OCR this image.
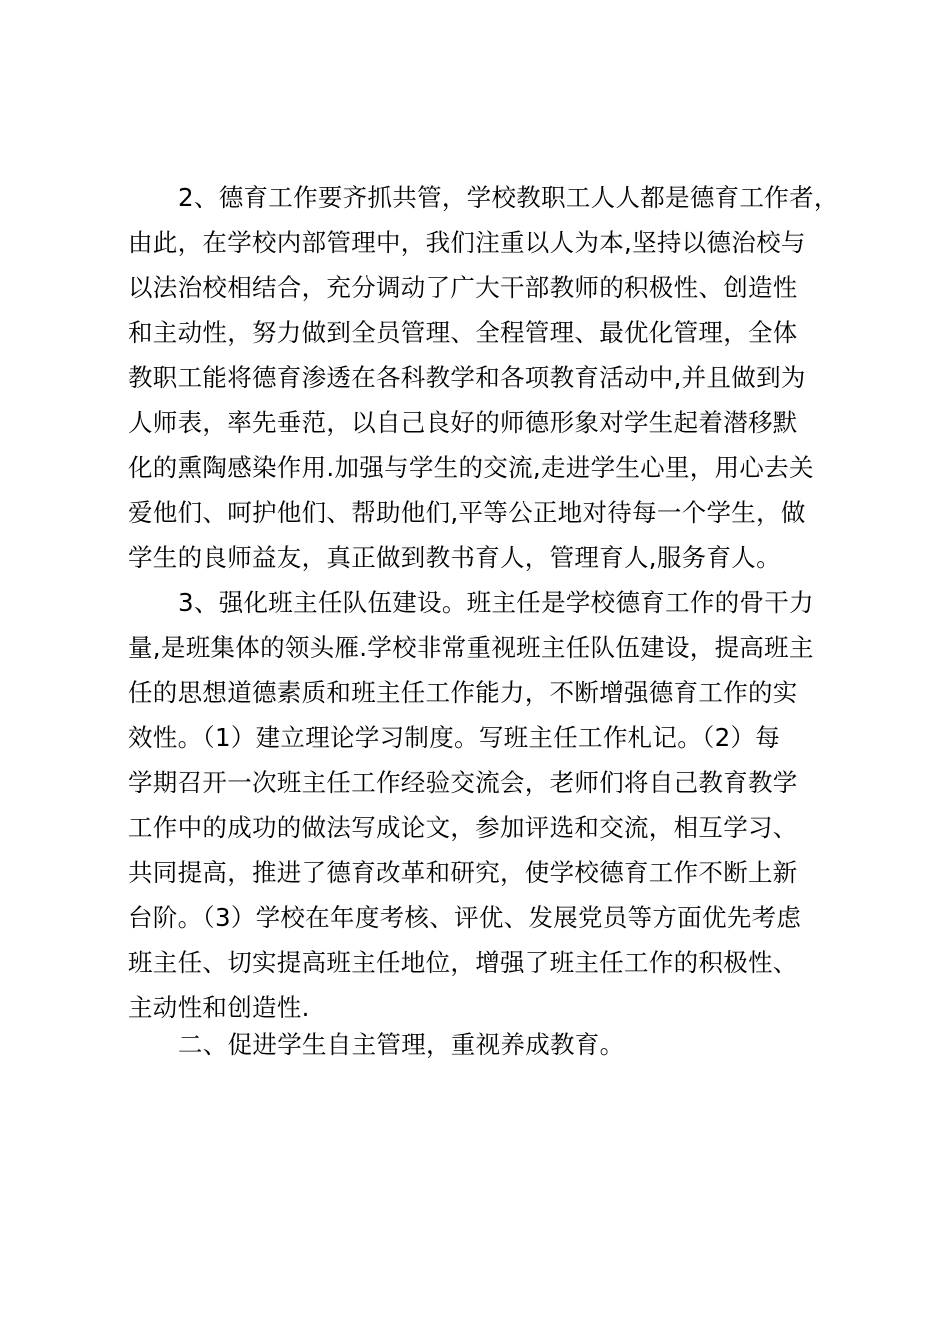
2、德育工作要齐抓共管，学校教职工人人都是德育工作者，
由此，在学校内部管理中，我们注重以人为本,坚持以德治校与
以法治校相结合，充分调动了广大干部教师的积极性、创造性
和主动性，努力做到全员管理、全程管理、最优化管理，全体
教职工能将德育渗透在各科教学和各项教育活动中,并且做到为
人师表，率先垂范，以自己良好的师德形象对学生起着潜移默
化的熏陶感染作用.加强与学生的交流,走进学生心里，用心去关
爱他们、呵护他们、帮助他们,平等公正地对待每一个学生，做
学生的良师益友，真正做到教书育人，管理育人,服务育人。
3、强化班主任队伍建设。班主任是学校德育工作的骨干力
量,是班集体的领头雁.学校非常重视班主任队伍建设，提高班主
任的思想道德素质和班主任工作能力，不断增强德育工作的实
效性。（1）建立理论学习制度。写班主任工作札记。（2）每
学期召开一次班主任工作经验交流会，老师们将自己教育教学
工作中的成功的做法写成论文，参加评选和交流，相互学习、
共同提高，推进了德育改革和研究，使学校德育工作不断上新
台阶。（3）学校在年度考核、评优、发展党员等方面优先考虑
班主任、切实提高班主任地位，增强了班主任工作的积极性、
主动性和创造性.
二、促进学生自主管理，重视养成教育。
